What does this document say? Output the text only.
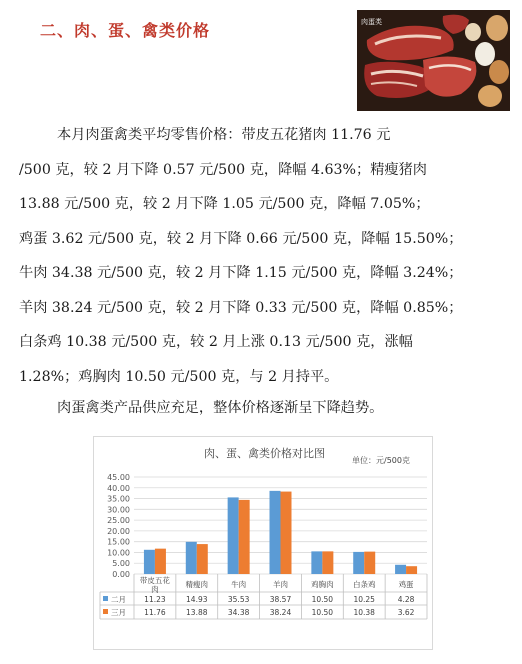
二、肉、蛋、禽类价格	肉蛋类
本月肉蛋禽类平均零售价格：带皮五花猪肉 11.76 元
/500 克，较 2 月下降 0.57 元/500 克，降幅 4.63%；精瘦猪肉
13.88 元/500 克，较 2 月下降 1.05 元/500 克，降幅 7.05%；
鸡蛋 3.62 元/500 克，较 2 月下降 0.66 元/500 克，降幅 15.50%；
牛肉 34.38 元/500 克，较 2 月下降 1.15 元/500 克，降幅 3.24%；
羊肉 38.24 元/500 克，较 2 月下降 0.33 元/500 克，降幅 0.85%；
白条鸡 10.38 元/500 克，较 2 月上涨 0.13 元/500 克，涨幅
1.28%；鸡胸肉 10.50 元/500 克，与 2 月持平。
肉蛋禽类产品供应充足，整体价格逐渐呈下降趋势。
肉、蛋、禽类价格对比图
单位：元/500克
0.00
5.00
10.00
15.00
20.00
25.00
30.00
35.00
40.00
45.00
带皮五花
肉
精瘦肉	牛肉	羊肉	鸡胸肉	白条鸡	鸡蛋
二月 11.23	14.93	35.53	38.57	10.50	10.25	4.28
三月 11.76	13.88	34.38	38.24	10.50	10.38	3.62
